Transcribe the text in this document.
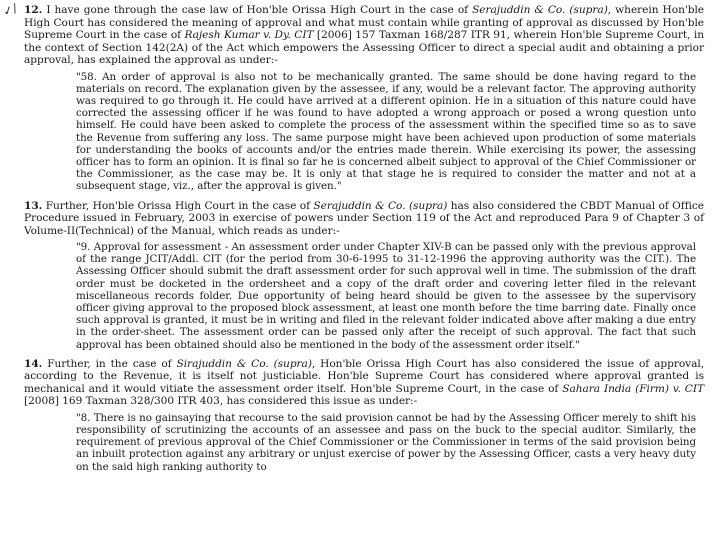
✓/ 12. I have gone through the case law of Hon'ble Orissa High Court in the case of Serajuddin & Co. (supra), wherein Hon'ble High Court has considered the meaning of approval and what must contain while granting of approval as discussed by Hon'ble Supreme Court in the case of Rajesh Kumar v. Dy. CIT [2006] 157 Taxman 168/287 ITR 91, wherein Hon'ble Supreme Court, in the context of Section 142(2A) of the Act which empowers the Assessing Officer to direct a special audit and obtaining a prior approval, has explained the approval as under:-

"58. An order of approval is also not to be mechanically granted. The same should be done having regard to the materials on record. The explanation given by the assessee, if any, would be a relevant factor. The approving authority was required to go through it. He could have arrived at a different opinion. He in a situation of this nature could have corrected the assessing officer if he was found to have adopted a wrong approach or posed a wrong question unto himself. He could have been asked to complete the process of the assessment within the specified time so as to save the Revenue from suffering any loss. The same purpose might have been achieved upon production of some materials for understanding the books of accounts and/or the entries made therein. While exercising its power, the assessing officer has to form an opinion. It is final so far he is concerned albeit subject to approval of the Chief Commissioner or the Commissioner, as the case may be. It is only at that stage he is required to consider the matter and not at a subsequent stage, viz., after the approval is given."

13. Further, Hon'ble Orissa High Court in the case of Serajuddin & Co. (supra) has also considered the CBDT Manual of Office Procedure issued in February, 2003 in exercise of powers under Section 119 of the Act and reproduced Para 9 of Chapter 3 of Volume-II(Technical) of the Manual, which reads as under:-

"9. Approval for assessment - An assessment order under Chapter XIV-B can be passed only with the previous approval of the range JCIT/Addl. CIT (for the period from 30-6-1995 to 31-12-1996 the approving authority was the CIT.). The Assessing Officer should submit the draft assessment order for such approval well in time. The submission of the draft order must be docketed in the ordersheet and a copy of the draft order and covering letter filed in the relevant miscellaneous records folder. Due opportunity of being heard should be given to the assessee by the supervisory officer giving approval to the proposed block assessment, at least one month before the time barring date. Finally once such approval is granted, it must be in writing and filed in the relevant folder indicated above after making a due entry in the order-sheet. The assessment order can be passed only after the receipt of such approval. The fact that such approval has been obtained should also be mentioned in the body of the assessment order itself."

14. Further, in the case of Sirajuddin & Co. (supra), Hon'ble Orissa High Court has also considered the issue of approval, according to the Revenue, it is itself not justiciable. Hon'ble Supreme Court has considered where approval granted is mechanical and it would vitiate the assessment order itself. Hon'ble Supreme Court, in the case of Sahara India (Firm) v. CIT [2008] 169 Taxman 328/300 ITR 403, has considered this issue as under:-

"8. There is no gainsaying that recourse to the said provision cannot be had by the Assessing Officer merely to shift his responsibility of scrutinizing the accounts of an assessee and pass on the buck to the special auditor. Similarly, the requirement of previous approval of the Chief Commissioner or the Commissioner in terms of the said provision being an inbuilt protection against any arbitrary or unjust exercise of power by the Assessing Officer, casts a very heavy duty on the said high ranking authority to
